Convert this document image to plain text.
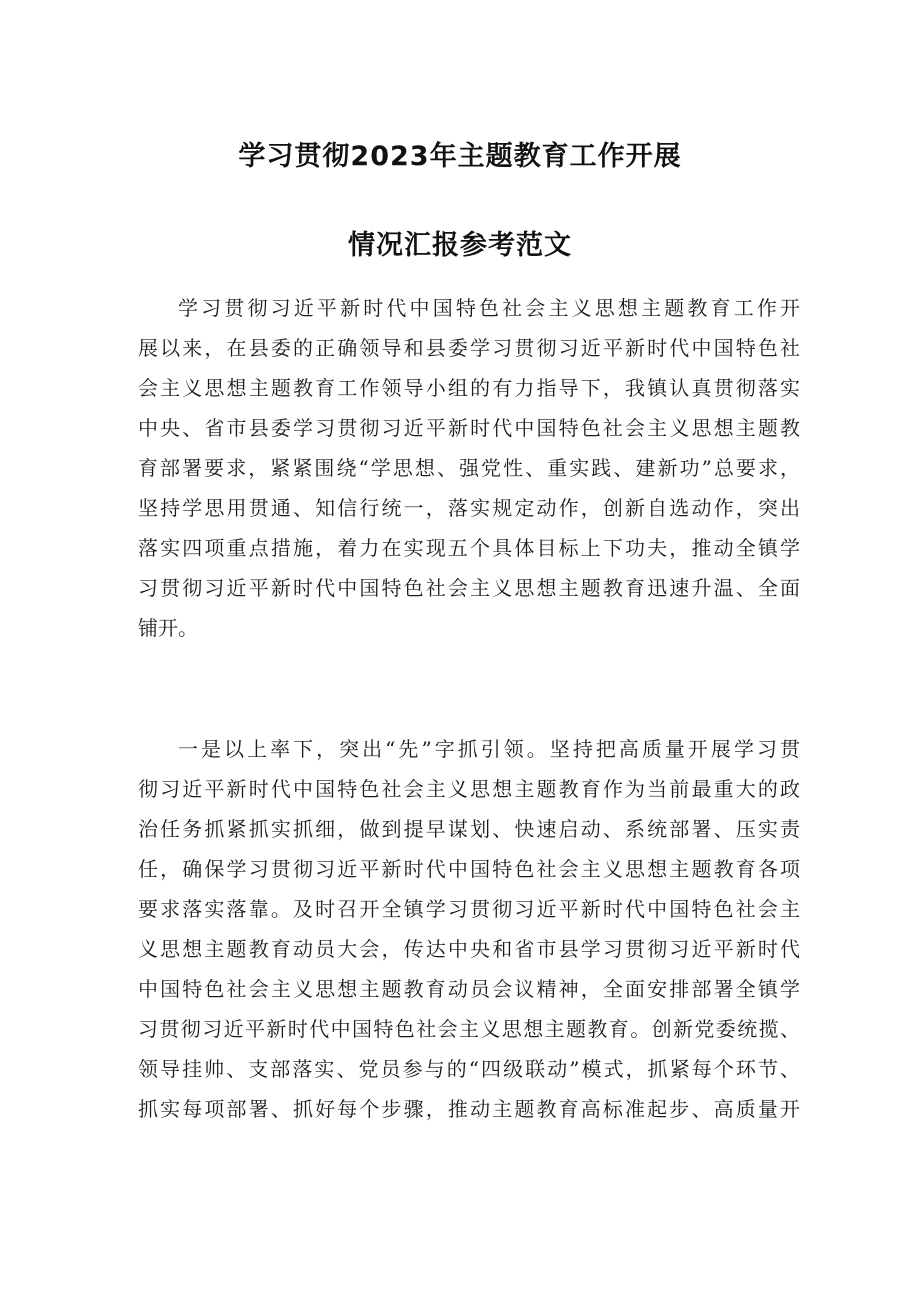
学习贯彻2023年主题教育工作开展
情况汇报参考范文
学习贯彻习近平新时代中国特色社会主义思想主题教育工作开
展以来，在县委的正确领导和县委学习贯彻习近平新时代中国特色社
会主义思想主题教育工作领导小组的有力指导下，我镇认真贯彻落实
中央、省市县委学习贯彻习近平新时代中国特色社会主义思想主题教
育部署要求，紧紧围绕“学思想、强党性、重实践、建新功”总要求，
坚持学思用贯通、知信行统一，落实规定动作，创新自选动作，突出
落实四项重点措施，着力在实现五个具体目标上下功夫，推动全镇学
习贯彻习近平新时代中国特色社会主义思想主题教育迅速升温、全面
铺开。
一是以上率下，突出“先”字抓引领。坚持把高质量开展学习贯
彻习近平新时代中国特色社会主义思想主题教育作为当前最重大的政
治任务抓紧抓实抓细，做到提早谋划、快速启动、系统部署、压实责
任，确保学习贯彻习近平新时代中国特色社会主义思想主题教育各项
要求落实落靠。及时召开全镇学习贯彻习近平新时代中国特色社会主
义思想主题教育动员大会，传达中央和省市县学习贯彻习近平新时代
中国特色社会主义思想主题教育动员会议精神，全面安排部署全镇学
习贯彻习近平新时代中国特色社会主义思想主题教育。创新党委统揽、
领导挂帅、支部落实、党员参与的“四级联动”模式，抓紧每个环节、
抓实每项部署、抓好每个步骤，推动主题教育高标准起步、高质量开
